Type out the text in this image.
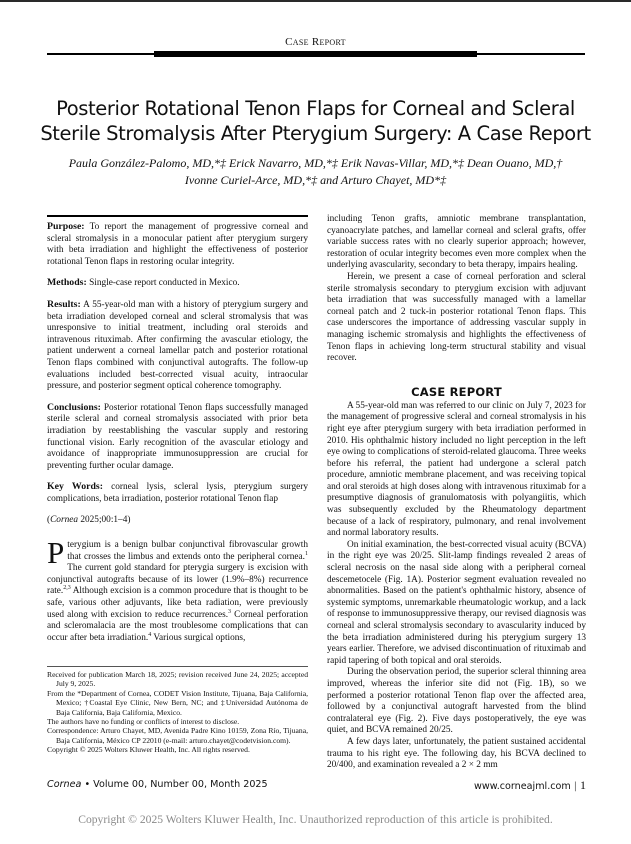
Case Report
Posterior Rotational Tenon Flaps for Corneal and Scleral
Sterile Stromalysis After Pterygium Surgery: A Case Report
Paula González-Palomo, MD,*‡ Erick Navarro, MD,*‡ Erik Navas-Villar, MD,*‡ Dean Ouano, MD,†
Ivonne Curiel-Arce, MD,*‡ and Arturo Chayet, MD*‡

Purpose: To report the management of progressive corneal and scleral stromalysis in a monocular patient after pterygium surgery with beta irradiation and highlight the effectiveness of posterior rotational Tenon flaps in restoring ocular integrity.

Methods: Single-case report conducted in Mexico.

Results: A 55-year-old man with a history of pterygium surgery and beta irradiation developed corneal and scleral stromalysis that was unresponsive to initial treatment, including oral steroids and intravenous rituximab. After confirming the avascular etiology, the patient underwent a corneal lamellar patch and posterior rotational Tenon flaps combined with conjunctival autografts. The follow-up evaluations included best-corrected visual acuity, intraocular pressure, and posterior segment optical coherence tomography.

Conclusions: Posterior rotational Tenon flaps successfully managed sterile scleral and corneal stromalysis associated with prior beta irradiation by reestablishing the vascular supply and restoring functional vision. Early recognition of the avascular etiology and avoidance of inappropriate immunosuppression are crucial for preventing further ocular damage.

Key Words: corneal lysis, scleral lysis, pterygium surgery complications, beta irradiation, posterior rotational Tenon flap

(Cornea 2025;00:1–4)

Pterygium is a benign bulbar conjunctival fibrovascular growth that crosses the limbus and extends onto the peripheral cornea.$^1$ The current gold standard for pterygia surgery is excision with conjunctival autografts because of its lower (1.9%–8%) recurrence rate.$^{2,3}$ Although excision is a common procedure that is thought to be safe, various other adjuvants, like beta radiation, were previously used along with excision to reduce recurrences.$^3$ Corneal perforation and scleromalacia are the most troublesome complications that can occur after beta irradiation.$^4$ Various surgical options,

Received for publication March 18, 2025; revision received June 24, 2025; accepted July 9, 2025.

From the *Department of Cornea, CODET Vision Institute, Tijuana, Baja California, Mexico; †Coastal Eye Clinic, New Bern, NC; and ‡Universidad Autónoma de Baja California, Baja California, Mexico.

The authors have no funding or conflicts of interest to disclose.

Correspondence: Arturo Chayet, MD, Avenida Padre Kino 10159, Zona Río, Tijuana, Baja California, México CP 22010 (e-mail: arturo.chayet@codetvision.com).

Copyright © 2025 Wolters Kluwer Health, Inc. All rights reserved.

including Tenon grafts, amniotic membrane transplantation, cyanoacrylate patches, and lamellar corneal and scleral grafts, offer variable success rates with no clearly superior approach; however, restoration of ocular integrity becomes even more complex when the underlying avascularity, secondary to beta therapy, impairs healing.

Herein, we present a case of corneal perforation and scleral sterile stromalysis secondary to pterygium excision with adjuvant beta irradiation that was successfully managed with a lamellar corneal patch and 2 tuck-in posterior rotational Tenon flaps. This case underscores the importance of addressing vascular supply in managing ischemic stromalysis and highlights the effectiveness of Tenon flaps in achieving long-term structural stability and visual recover.

CASE REPORT

A 55-year-old man was referred to our clinic on July 7, 2023 for the management of progressive scleral and corneal stromalysis in his right eye after pterygium surgery with beta irradiation performed in 2010. His ophthalmic history included no light perception in the left eye owing to complications of steroid-related glaucoma. Three weeks before his referral, the patient had undergone a scleral patch procedure, amniotic membrane placement, and was receiving topical and oral steroids at high doses along with intravenous rituximab for a presumptive diagnosis of granulomatosis with polyangiitis, which was subsequently excluded by the Rheumatology department because of a lack of respiratory, pulmonary, and renal involvement and normal laboratory results.

On initial examination, the best-corrected visual acuity (BCVA) in the right eye was 20/25. Slit-lamp findings revealed 2 areas of scleral necrosis on the nasal side along with a peripheral corneal descemetocele (Fig. 1A). Posterior segment evaluation revealed no abnormalities. Based on the patient's ophthalmic history, absence of systemic symptoms, unremarkable rheumatologic workup, and a lack of response to immunosuppressive therapy, our revised diagnosis was corneal and scleral stromalysis secondary to avascularity induced by the beta irradiation administered during his pterygium surgery 13 years earlier. Therefore, we advised discontinuation of rituximab and rapid tapering of both topical and oral steroids.

During the observation period, the superior scleral thinning area improved, whereas the inferior site did not (Fig. 1B), so we performed a posterior rotational Tenon flap over the affected area, followed by a conjunctival autograft harvested from the blind contralateral eye (Fig. 2). Five days postoperatively, the eye was quiet, and BCVA remained 20/25.

A few days later, unfortunately, the patient sustained accidental trauma to his right eye. The following day, his BCVA declined to 20/400, and examination revealed a 2 × 2 mm

Cornea • Volume 00, Number 00, Month 2025	www.corneajml.com | 1
Copyright © 2025 Wolters Kluwer Health, Inc. Unauthorized reproduction of this article is prohibited.
